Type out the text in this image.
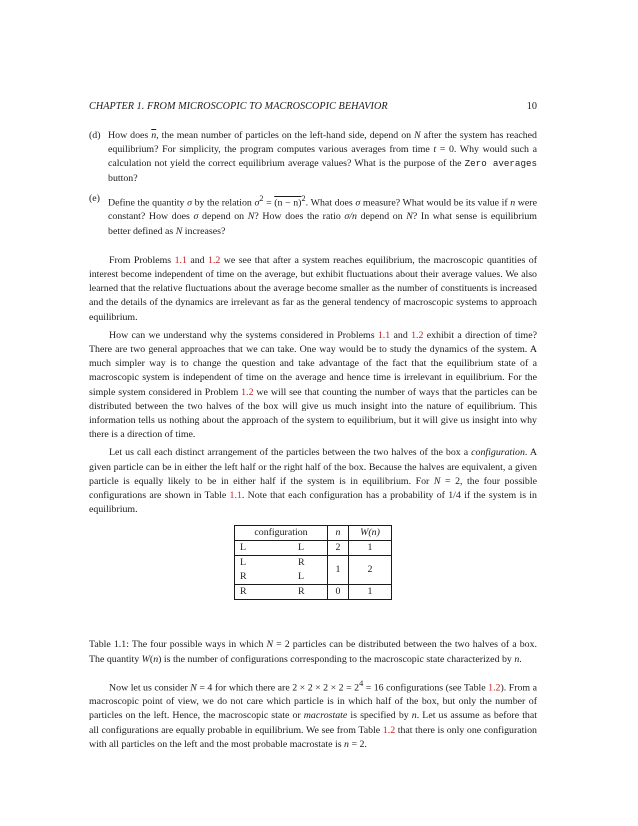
CHAPTER 1. FROM MICROSCOPIC TO MACROSCOPIC BEHAVIOR	10
(d) How does $\overline{n}$, the mean number of particles on the left-hand side, depend on N after the system has reached equilibrium? For simplicity, the program computes various averages from time t = 0. Why would such a calculation not yield the correct equilibrium average values? What is the purpose of the Zero averages button?
(e) Define the quantity σ by the relation $\sigma^2 = (n - n)^2$. What does σ measure? What would be its value if n were constant? How does σ depend on N? How does the ratio σ/n depend on N? In what sense is equilibrium better defined as N increases?

From Problems 1.1 and 1.2 we see that after a system reaches equilibrium, the macroscopic quantities of interest become independent of time on the average, but exhibit fluctuations about their average values. We also learned that the relative fluctuations about the average become smaller as the number of constituents is increased and the details of the dynamics are irrelevant as far as the general tendency of macroscopic systems to approach equilibrium.

How can we understand why the systems considered in Problems 1.1 and 1.2 exhibit a direction of time? There are two general approaches that we can take. One way would be to study the dynamics of the system. A much simpler way is to change the question and take advantage of the fact that the equilibrium state of a macroscopic system is independent of time on the average and hence time is irrelevant in equilibrium. For the simple system considered in Problem 1.2 we will see that counting the number of ways that the particles can be distributed between the two halves of the box will give us much insight into the nature of equilibrium. This information tells us nothing about the approach of the system to equilibrium, but it will give us insight into why there is a direction of time.

Let us call each distinct arrangement of the particles between the two halves of the box a configuration. A given particle can be in either the left half or the right half of the box. Because the halves are equivalent, a given particle is equally likely to be in either half if the system is in equilibrium. For N = 2, the four possible configurations are shown in Table 1.1. Note that each configuration has a probability of 1/4 if the system is in equilibrium.

configuration		n	W(n)
L	L	2	1
L	R	1	2
R	L		
R	R	0	1

Table 1.1: The four possible ways in which N = 2 particles can be distributed between the two halves of a box. The quantity W(n) is the number of configurations corresponding to the macroscopic state characterized by n.

Now let us consider N = 4 for which there are $2 \times 2 \times 2 \times 2 = 2^4 = 16$ configurations (see Table 1.2). From a macroscopic point of view, we do not care which particle is in which half of the box, but only the number of particles on the left. Hence, the macroscopic state or macrostate is specified by n. Let us assume as before that all configurations are equally probable in equilibrium. We see from Table 1.2 that there is only one configuration with all particles on the left and the most probable macrostate is n = 2.
